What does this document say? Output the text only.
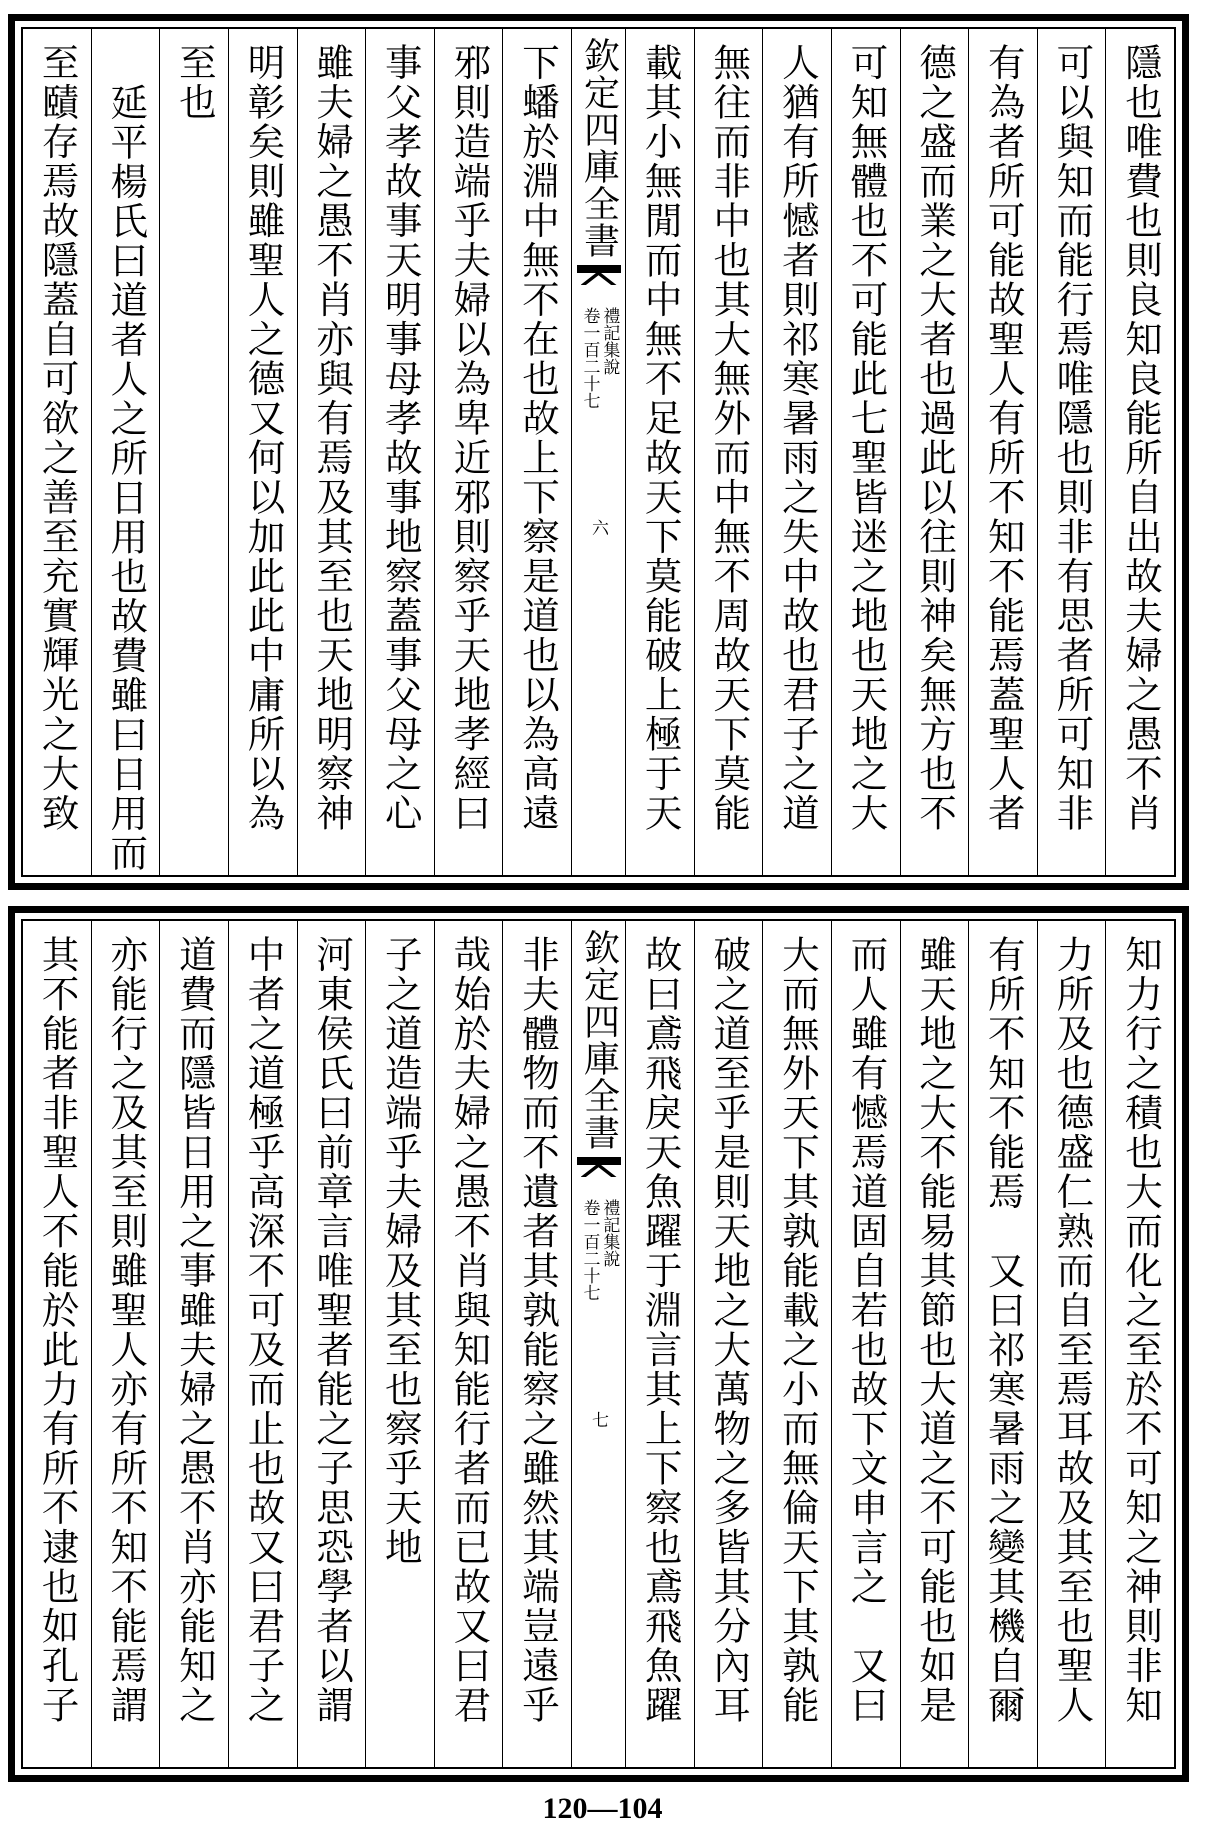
隱也唯費也則良知良能所自出故夫婦之愚不肖
可以與知而能行焉唯隱也則非有思者所可知非
有為者所可能故聖人有所不知不能焉蓋聖人者
德之盛而業之大者也過此以往則神矣無方也不
可知無體也不可能此七聖皆迷之地也天地之大
人猶有所憾者則祁寒暑雨之失中故也君子之道
無往而非中也其大無外而中無不周故天下莫能
載其小無閒而中無不足故天下莫能破上極于天
欽定四庫全書
禮記集說
卷一百二十七
六
下蟠於淵中無不在也故上下察是道也以為高遠
邪則造端乎夫婦以為卑近邪則察乎天地孝經曰
事父孝故事天明事母孝故事地察蓋事父母之心
雖夫婦之愚不肖亦與有焉及其至也天地明察神
明彰矣則雖聖人之德又何以加此此中庸所以為
至也
延平楊氏曰道者人之所日用也故費雖曰日用而
至賾存焉故隱蓋自可欲之善至充實輝光之大致
知力行之積也大而化之至於不可知之神則非知
力所及也德盛仁熟而自至焉耳故及其至也聖人
有所不知不能焉　又曰祁寒暑雨之變其機自爾
雖天地之大不能易其節也大道之不可能也如是
而人雖有憾焉道固自若也故下文申言之　又曰
大而無外天下其孰能載之小而無倫天下其孰能
破之道至乎是則天地之大萬物之多皆其分內耳
故曰鳶飛戾天魚躍于淵言其上下察也鳶飛魚躍
欽定四庫全書
禮記集說
卷一百二十七
七
非夫體物而不遺者其孰能察之雖然其端豈遠乎
哉始於夫婦之愚不肖與知能行者而已故又曰君
子之道造端乎夫婦及其至也察乎天地
河東侯氏曰前章言唯聖者能之子思恐學者以謂
中者之道極乎高深不可及而止也故又曰君子之
道費而隱皆日用之事雖夫婦之愚不肖亦能知之
亦能行之及其至則雖聖人亦有所不知不能焉謂
其不能者非聖人不能於此力有所不逮也如孔子
120—104
